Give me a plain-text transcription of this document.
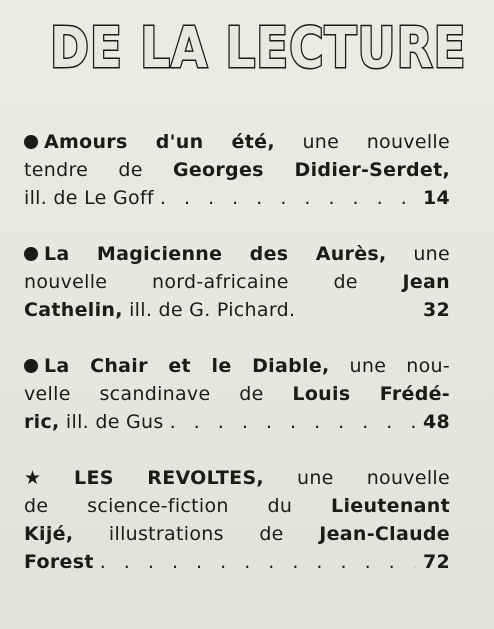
DE LA LECTURE
Amours d'un été, une nouvelle
tendre de Georges Didier-Serdet,
ill. de Le Goff . . .	14
La Magicienne des Aurès, une
nouvelle nord-africaine de Jean
Cathelin,
ill. de G. Pichard.	32
La Chair et le Diable, une nou-
velle scandinave de Louis Frédé-
ric,
ill. de Gus . . .	48
★ LES REVOLTES, une nouvelle
de science-fiction du Lieutenant
Kijé, illustrations de Jean-Claude
Forest . . .	72
